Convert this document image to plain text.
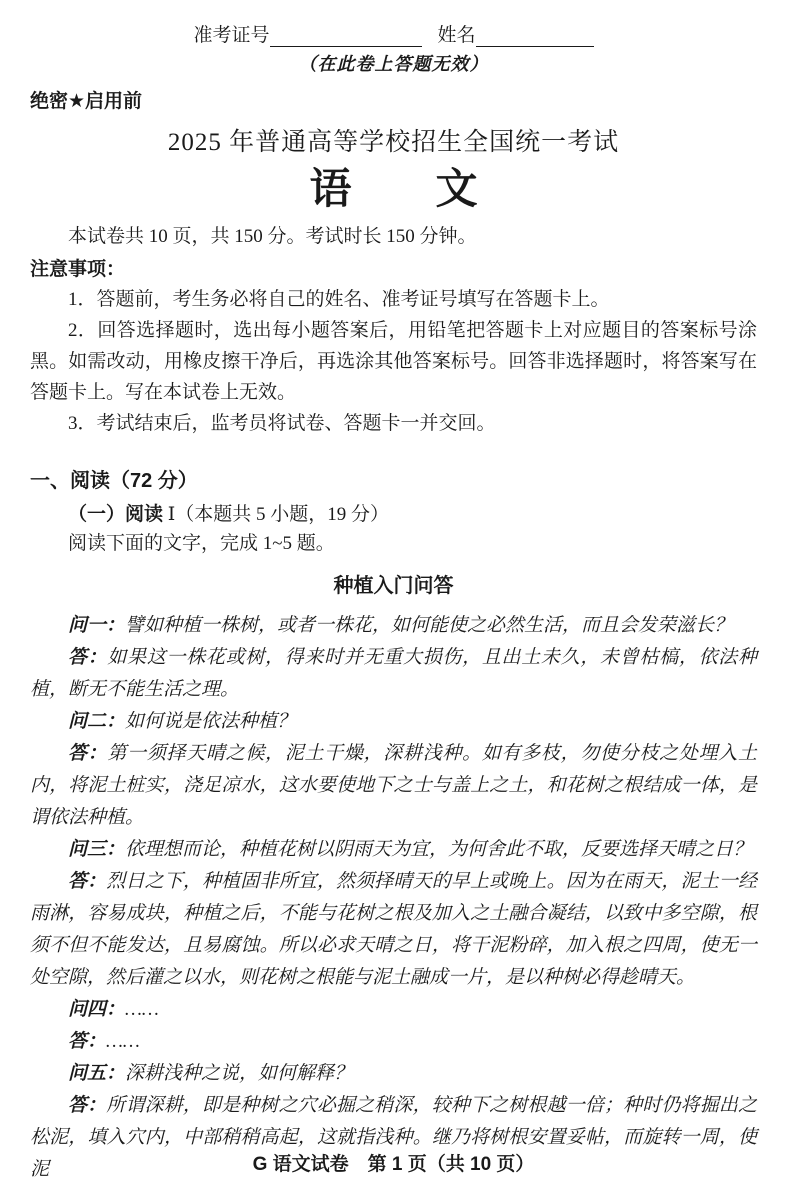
准考证号	姓名
（在此卷上答题无效）
绝密★启用前
2025 年普通高等学校招生全国统一考试
语　　文
本试卷共 10 页，共 150 分。考试时长 150 分钟。
注意事项：

1．答题前，考生务必将自己的姓名、准考证号填写在答题卡上。

2．回答选择题时，选出每小题答案后，用铅笔把答题卡上对应题目的答案标号涂黑。如需改动，用橡皮擦干净后，再选涂其他答案标号。回答非选择题时，将答案写在答题卡上。写在本试卷上无效。

3．考试结束后，监考员将试卷、答题卡一并交回。

一、阅读（72 分）

（一）阅读 Ⅰ（本题共 5 小题，19 分）

阅读下面的文字，完成 1~5 题。

种植入门问答

问一：譬如种植一株树，或者一株花，如何能使之必然生活，而且会发荣滋长？

答：如果这一株花或树，得来时并无重大损伤，且出土未久，未曾枯槁，依法种植，断无不能生活之理。

问二：如何说是依法种植？

答：第一须择天晴之候，泥土干燥，深耕浅种。如有多枝，勿使分枝之处埋入土内，将泥土桩实，浇足凉水，这水要使地下之士与盖上之土，和花树之根结成一体，是谓依法种植。

问三：依理想而论，种植花树以阴雨天为宜，为何舍此不取，反要选择天晴之日？

答：烈日之下，种植固非所宜，然须择晴天的早上或晚上。因为在雨天，泥土一经雨淋，容易成块，种植之后，不能与花树之根及加入之土融合凝结，以致中多空隙，根须不但不能发达，且易腐蚀。所以必求天晴之日，将干泥粉碎，加入根之四周，使无一处空隙，然后灌之以水，则花树之根能与泥土融成一片，是以种树必得趁晴天。

问四：……

答：……

问五：深耕浅种之说，如何解释？

答：所谓深耕，即是种树之穴必掘之稍深，较种下之树根越一倍；种时仍将掘出之松泥，填入穴内，中部稍稍高起，这就指浅种。继乃将树根安置妥帖，而旋转一周，使泥	G 语文试卷　第 1 页（共 10 页）
